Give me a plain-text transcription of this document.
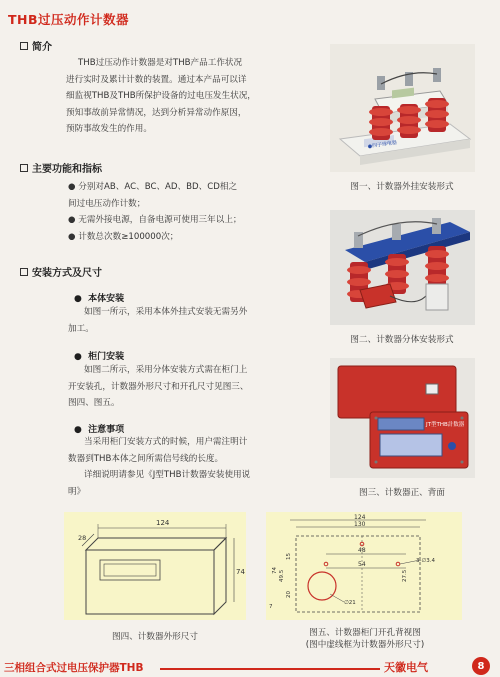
THB过压动作计数器
简介
THB过压动作计数器是对THB产品工作状况
进行实时及累计计数的装置。通过本产品可以详
细监视THB及THB所保护设备的过电压发生状况，
预知事故前异常情况，达到分析异常动作原因，
预防事故发生的作用。
主要功能和指标
● 分别对AB、AC、BC、AD、BD、CD相之
间过电压动作计数；
● 无需外接电源，自备电源可使用三年以上；
● 计数总次数≥100000次；
安装方式及尺寸
●  本体安装
如图一所示，采用本体外挂式安装无需另外
加工。
●  柜门安装
如图二所示，采用分体安装方式需在柜门上
开安装孔，计数器外形尺寸和开孔尺寸见图三、
图四、图五。
●  注意事项
当采用柜门安装方式的时候，用户需注明计
数器到THB本体之间所需信号线的长度。
详细说明请参见《J型THB计数器安装使用说
明》
●四子球电器
图一、计数器外挂安装形式
图二、计数器分体安装形式
JT型THB計数器
图三、计数器正、背面
124
28
74
图四、计数器外形尺寸
124
130
48
54
27.5
74 49.5
15
20
7
∅21
3-∅3.4
图五、计数器柜门开孔背视图
(图中虚线框为计数器外形尺寸)
三相组合式过电压保护器THB	天徽电气	8
